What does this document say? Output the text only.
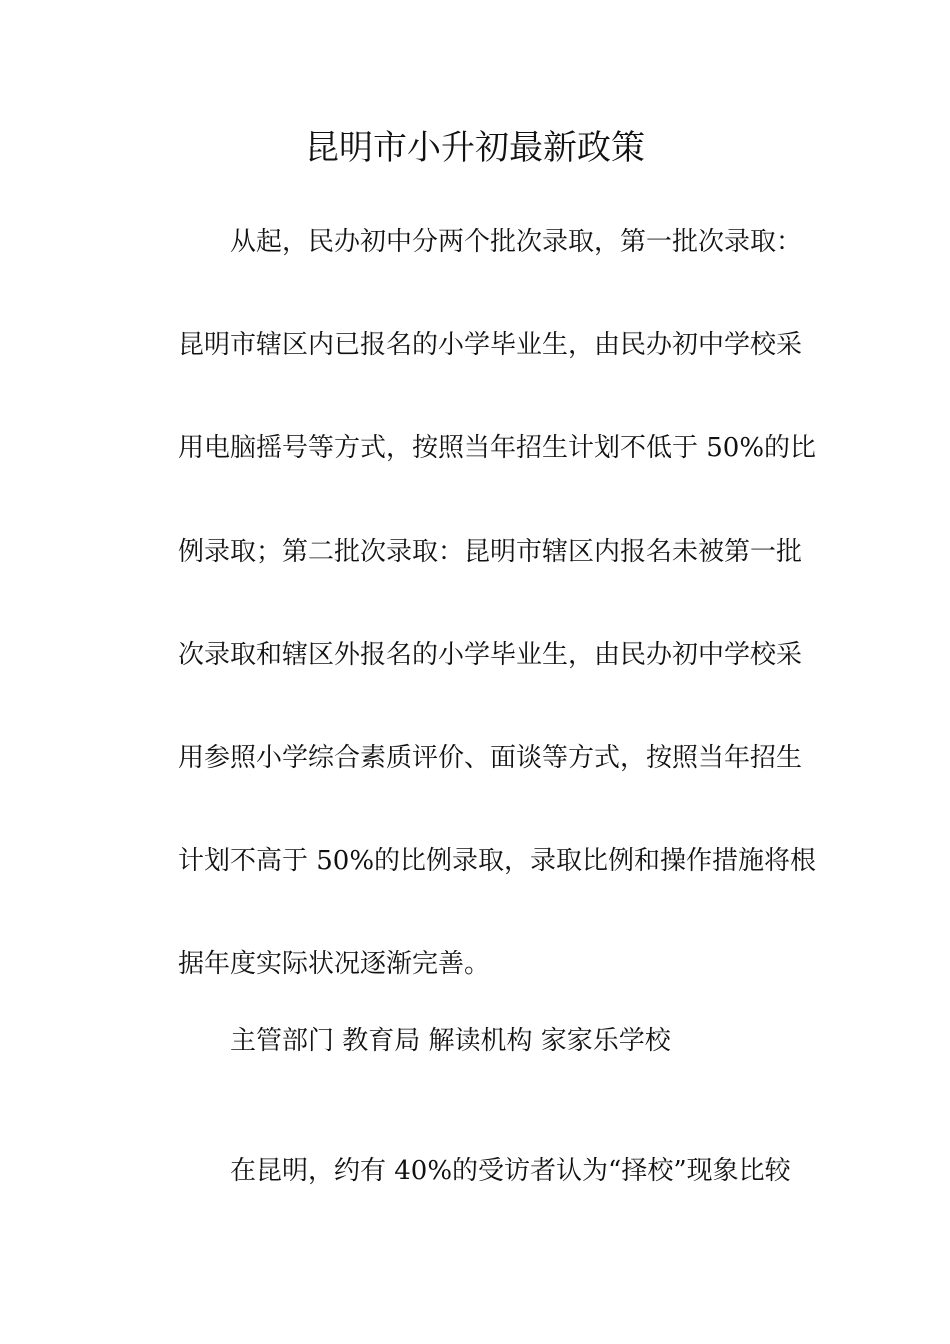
昆明市小升初最新政策
从起，民办初中分两个批次录取，第一批次录取：
昆明市辖区内已报名的小学毕业生，由民办初中学校采
用电脑摇号等方式，按照当年招生计划不低于 50%的比
例录取；第二批次录取：昆明市辖区内报名未被第一批
次录取和辖区外报名的小学毕业生，由民办初中学校采
用参照小学综合素质评价、面谈等方式，按照当年招生
计划不高于 50%的比例录取，录取比例和操作措施将根
据年度实际状况逐渐完善。
主管部门 教育局 解读机构 家家乐学校
在昆明，约有 40%的受访者认为“择校”现象比较
